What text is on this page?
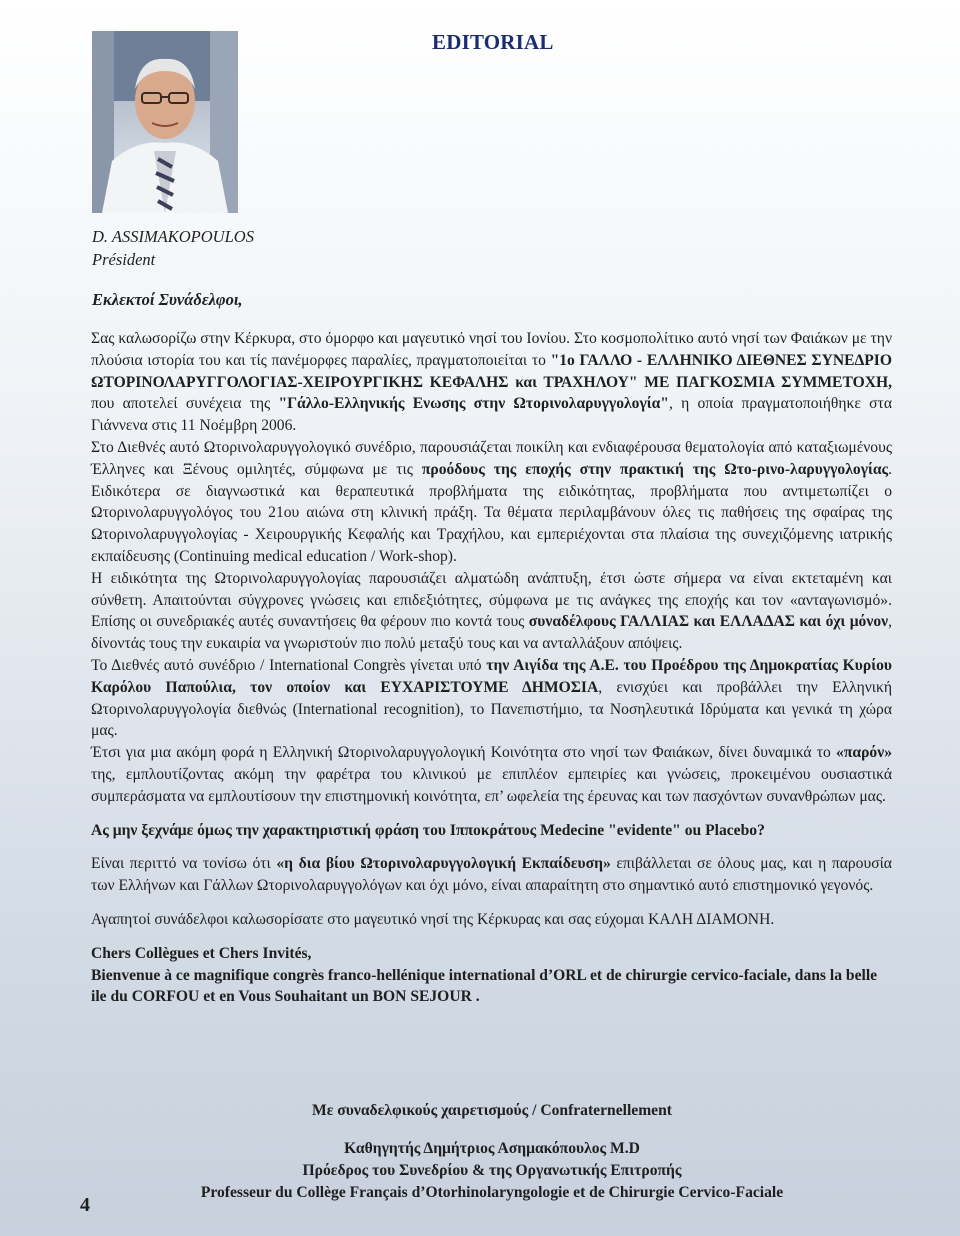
EDITORIAL
D. ASSIMAKOPOULOS
Président
Εκλεκτοί Συνάδελφοι,

Σας καλωσορίζω στην Κέρκυρα, στο όμορφο και μαγευτικό νησί του Ιονίου. Στο κοσμοπολίτικο αυτό νησί των Φαιάκων με την πλούσια ιστορία του και τίς πανέμορφες παραλίες, πραγματοποιείται το "1ο ΓΑΛΛΟ - ΕΛΛΗΝΙΚΟ ΔΙΕΘΝΕΣ ΣΥΝΕΔΡΙΟ ΩΤΟΡΙΝΟΛΑΡΥΓΓΟΛΟΓΙΑΣ-ΧΕΙΡΟΥΡΓΙΚΗΣ ΚΕΦΑΛΗΣ και ΤΡΑΧΗΛΟΥ" ΜΕ ΠΑΓΚΟΣΜΙΑ ΣΥΜΜΕΤΟΧΗ, που αποτελεί συνέχεια της "Γάλλο-Ελληνικής Ενωσης στην Ωτορινολαρυγγολογία", η οποία πραγματοποιήθηκε στα Γιάννενα στις 11 Νοέμβρη 2006.

Στο Διεθνές αυτό Ωτορινολαρυγγολογικό συνέδριο, παρουσιάζεται ποικίλη και ενδιαφέρουσα θεματολογία από καταξιωμένους Έλληνες και Ξένους ομιλητές, σύμφωνα με τις προόδους της εποχής στην πρακτική της Ωτο-ρινο-λαρυγγολογίας. Ειδικότερα σε διαγνωστικά και θεραπευτικά προβλήματα της ειδικότητας, προβλήματα που αντιμετωπίζει ο Ωτορινολαρυγγολόγος του 21ου αιώνα στη κλινική πράξη. Τα θέματα περιλαμβάνουν όλες τις παθήσεις της σφαίρας της Ωτορινολαρυγγολογίας - Χειρουργικής Κεφαλής και Τραχήλου, και εμπεριέχονται στα πλαίσια της συνεχιζόμενης ιατρικής εκπαίδευσης (Continuing medical education / Work-shop).

Η ειδικότητα της Ωτορινολαρυγγολογίας παρουσιάζει αλματώδη ανάπτυξη, έτσι ώστε σήμερα να είναι εκτεταμένη και σύνθετη. Απαιτούνται σύγχρονες γνώσεις και επιδεξιότητες, σύμφωνα με τις ανάγκες της εποχής και τον «ανταγωνισμό». Επίσης οι συνεδριακές αυτές συναντήσεις θα φέρουν πιο κοντά τους συναδέλφους ΓΑΛΛΙΑΣ και ΕΛΛΑΔΑΣ και όχι μόνον, δίνοντάς τους την ευκαιρία να γνωριστούν πιο πολύ μεταξύ τους και να ανταλλάξουν απόψεις.

Το Διεθνές αυτό συνέδριο / International Congrès γίνεται υπό την Αιγίδα της Α.Ε. του Προέδρου της Δημοκρατίας Κυρίου Καρόλου Παπούλια, τον οποίον και ΕΥΧΑΡΙΣΤΟΥΜΕ ΔΗΜΟΣΙΑ, ενισχύει και προβάλλει την Ελληνική Ωτορινολαρυγγολογία διεθνώς (International recognition), το Πανεπιστήμιο, τα Νοσηλευτικά Ιδρύματα και γενικά τη χώρα μας.

Έτσι για μια ακόμη φορά η Ελληνική Ωτορινολαρυγγολογική Κοινότητα στο νησί των Φαιάκων, δίνει δυναμικά το «παρόν» της, εμπλουτίζοντας ακόμη την φαρέτρα του κλινικού με επιπλέον εμπειρίες και γνώσεις, προκειμένου ουσιαστικά συμπεράσματα να εμπλουτίσουν την επιστημονική κοινότητα, επ’ ωφελεία της έρευνας και των πασχόντων συνανθρώπων μας.

Ας μην ξεχνάμε όμως την χαρακτηριστική φράση του Ιπποκράτους Medecine "evidente" ou Placebo?

Είναι περιττό να τονίσω ότι «η δια βίου Ωτορινολαρυγγολογική Εκπαίδευση» επιβάλλεται σε όλους μας, και η παρουσία των Ελλήνων και Γάλλων Ωτορινολαρυγγολόγων και όχι μόνο, είναι απαραίτητη στο σημαντικό αυτό επιστημονικό γεγονός.

Αγαπητοί συνάδελφοι καλωσορίσατε στο μαγευτικό νησί της Κέρκυρας και σας εύχομαι ΚΑΛΗ ΔΙΑΜΟΝΗ.

Chers Collègues et Chers Invités,

Bienvenue à ce magnifique congrès franco-hellénique international d’ORL et de chirurgie cervico-faciale, dans la belle ile du CORFOU et en Vous Souhaitant un BON SEJOUR .

Με συναδελφικούς χαιρετισμούς / Confraternellement
Καθηγητής Δημήτριος Ασημακόπουλος M.D
Πρόεδρος του Συνεδρίου & της Οργανωτικής Επιτροπής
Professeur du Collège Français d’Otorhinolaryngologie et de Chirurgie Cervico-Faciale
4
